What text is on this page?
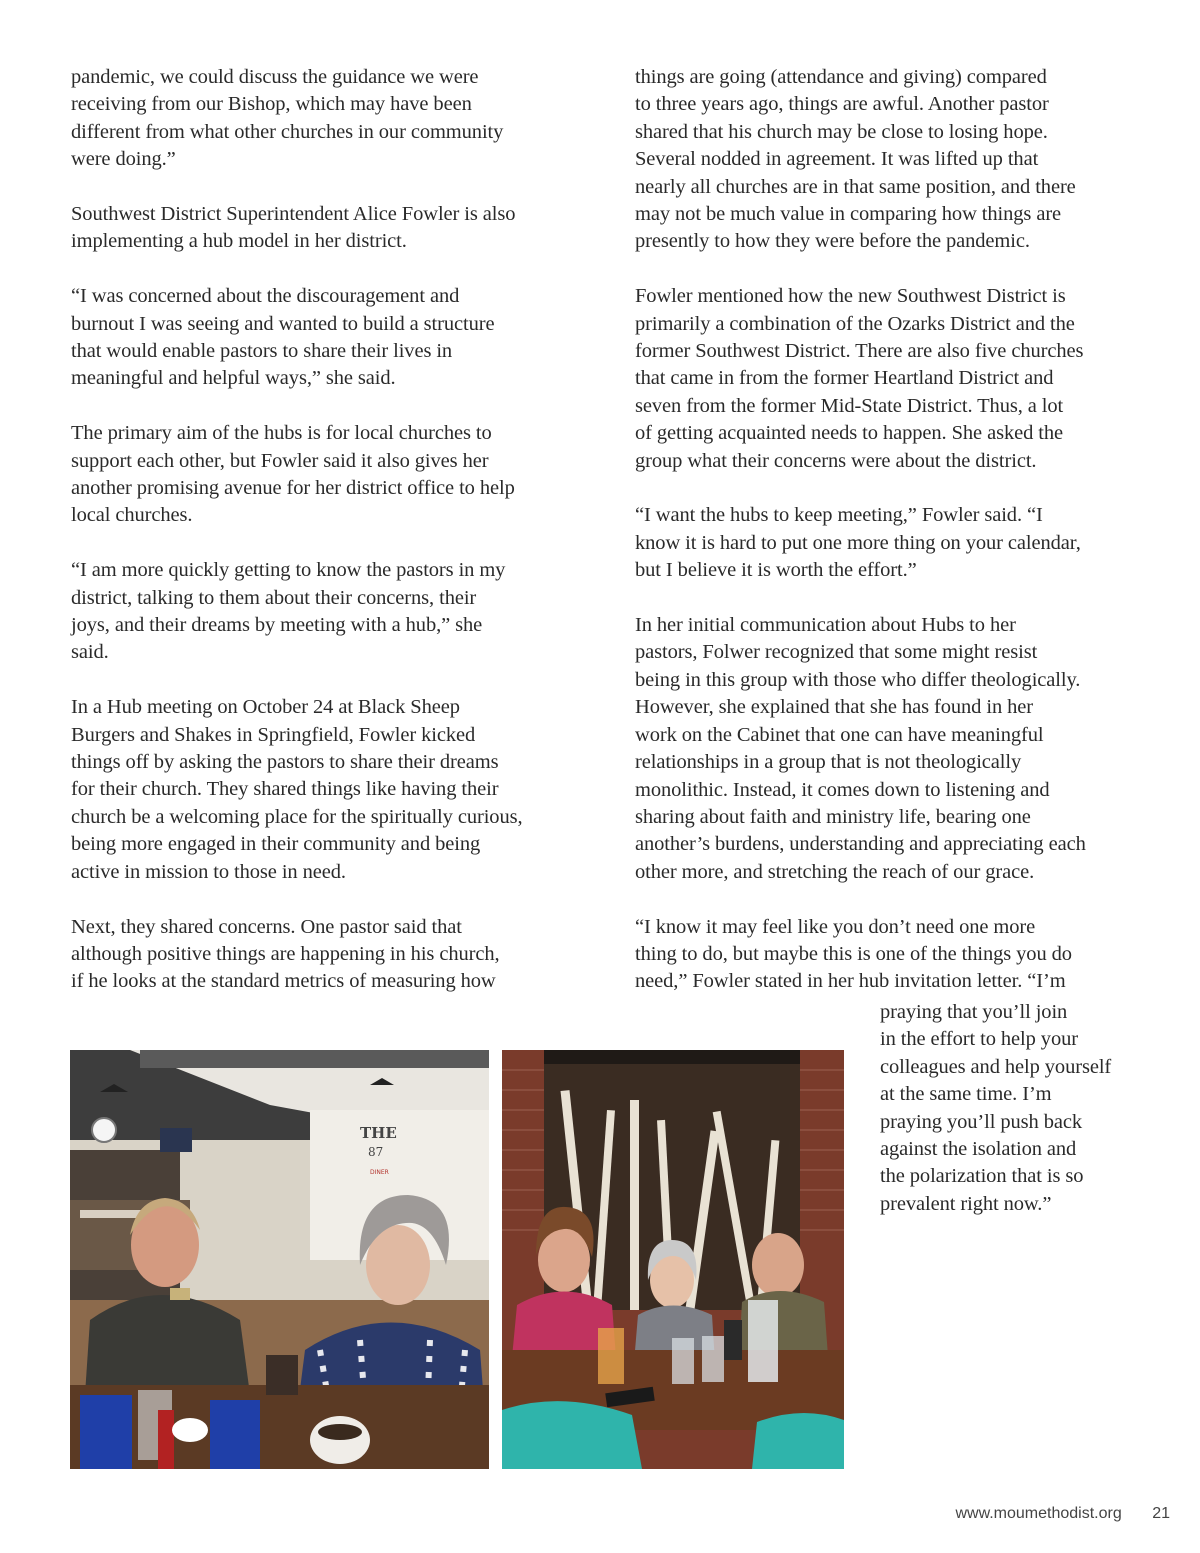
pandemic, we could discuss the guidance we were
receiving from our Bishop, which may have been
different from what other churches in our community
were doing.”

Southwest District Superintendent Alice Fowler is also
implementing a hub model in her district.

“I was concerned about the discouragement and
burnout I was seeing and wanted to build a structure
that would enable pastors to share their lives in
meaningful and helpful ways,” she said.

The primary aim of the hubs is for local churches to
support each other, but Fowler said it also gives her
another promising avenue for her district office to help
local churches.

“I am more quickly getting to know the pastors in my
district, talking to them about their concerns, their
joys, and their dreams by meeting with a hub,” she
said.

In a Hub meeting on October 24 at Black Sheep
Burgers and Shakes in Springfield, Fowler kicked
things off by asking the pastors to share their dreams
for their church. They shared things like having their
church be a welcoming place for the spiritually curious,
being more engaged in their community and being
active in mission to those in need.

Next, they shared concerns. One pastor said that
although positive things are happening in his church,
if he looks at the standard metrics of measuring how

things are going (attendance and giving) compared
to three years ago, things are awful. Another pastor
shared that his church may be close to losing hope.
Several nodded in agreement. It was lifted up that
nearly all churches are in that same position, and there
may not be much value in comparing how things are
presently to how they were before the pandemic.

Fowler mentioned how the new Southwest District is
primarily a combination of the Ozarks District and the
former Southwest District. There are also five churches
that came in from the former Heartland District and
seven from the former Mid-State District. Thus, a lot
of getting acquainted needs to happen. She asked the
group what their concerns were about the district.

“I want the hubs to keep meeting,” Fowler said. “I
know it is hard to put one more thing on your calendar,
but I believe it is worth the effort.”

In her initial communication about Hubs to her
pastors, Folwer recognized that some might resist
being in this group with those who differ theologically.
However, she explained that she has found in her
work on the Cabinet that one can have meaningful
relationships in a group that is not theologically
monolithic. Instead, it comes down to listening and
sharing about faith and ministry life, bearing one
another’s burdens, understanding and appreciating each
other more, and stretching the reach of our grace.

“I know it may feel like you don’t need one more
thing to do, but maybe this is one of the things you do
need,” Fowler stated in her hub invitation letter. “I’m

praying that you’ll join
in the effort to help your
colleagues and help yourself
at the same time. I’m
praying you’ll push back
against the isolation and
the polarization that is so
prevalent right now.”
THE
87
DINER
www.moumethodist.org 21
